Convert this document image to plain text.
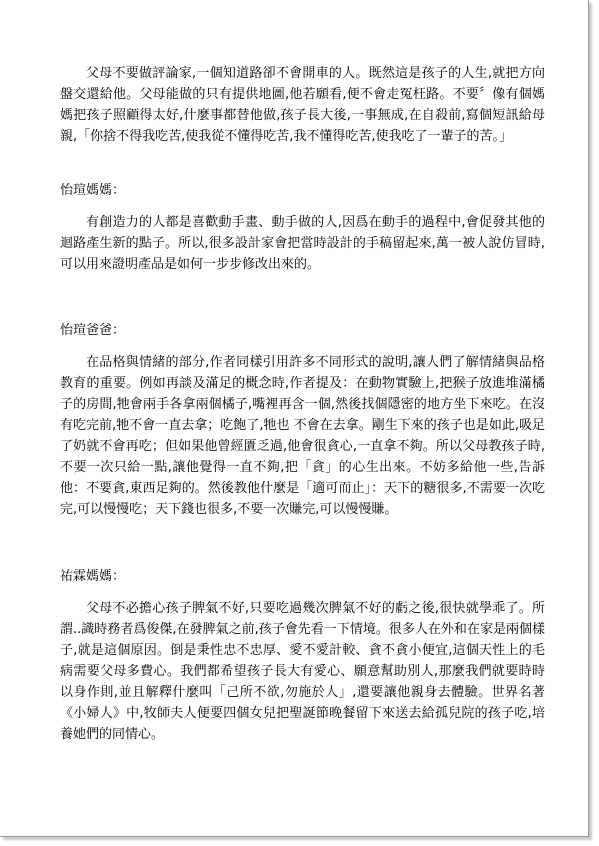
父母不要做評論家,一個知道路卻不會開車的人。既然這是孩子的人生,就把方向盤交還給他。父母能做的只有提供地圖,他若願看,便不會走冤枉路。不要〞像有個媽媽把孩子照顧得太好,什麼事都替他做,孩子長大後,一事無成,在自殺前,寫個短訊給母親,「你捨不得我吃苦,使我從不懂得吃苦,我不懂得吃苦,使我吃了一輩子的苦。」

怡瑄媽媽：

有創造力的人都是喜歡動手畫、動手做的人,因爲在動手的過程中,會促發其他的迴路產生新的點子。所以,很多設計家會把當時設計的手稿留起來,萬一被人說仿冒時,可以用來證明產品是如何一步步修改出來的。

怡瑄爸爸：

在品格與情緒的部分,作者同樣引用許多不同形式的說明,讓人們了解情緒與品格教育的重要。例如再談及滿足的概念時,作者提及：在動物實驗上,把猴子放進堆滿橘子的房間,牠會兩手各拿兩個橘子,嘴裡再含一個,然後找個隱密的地方坐下來吃。在沒有吃完前,牠不會一直去拿；吃飽了,牠也 不會在去拿。剛生下來的孩子也是如此,吸足了奶就不會再吃；但如果他曾經匱乏過,他會很貪心,一直拿不夠。所以父母教孩子時,不要一次只給一點,讓他覺得一直不夠,把「貪」的心生出來。不妨多給他一些,告訴他：不要貪,東西足夠的。然後教他什麼是「適可而止」：天下的糖很多,不需要一次吃完,可以慢慢吃；天下錢也很多,不要一次賺完,可以慢慢賺。

祐霖媽媽：

父母不必擔心孩子脾氣不好,只要吃過幾次脾氣不好的虧之後,很快就學乖了。所謂..識時務者爲俊傑,在發脾氣之前,孩子會先看一下情境。很多人在外和在家是兩個樣子,就是這個原因。倒是秉性忠不忠厚、愛不愛計較、貪不貪小便宜,這個天性上的毛病需要父母多費心。我們都希望孩子長大有愛心、願意幫助別人,那麼我們就要時時以身作則,並且解釋什麼叫「己所不欲,勿施於人」,還要讓他親身去體驗。世界名著《小婦人》中,牧師夫人便要四個女兒把聖誕節晚餐留下來送去給孤兒院的孩子吃,培養她們的同情心。
